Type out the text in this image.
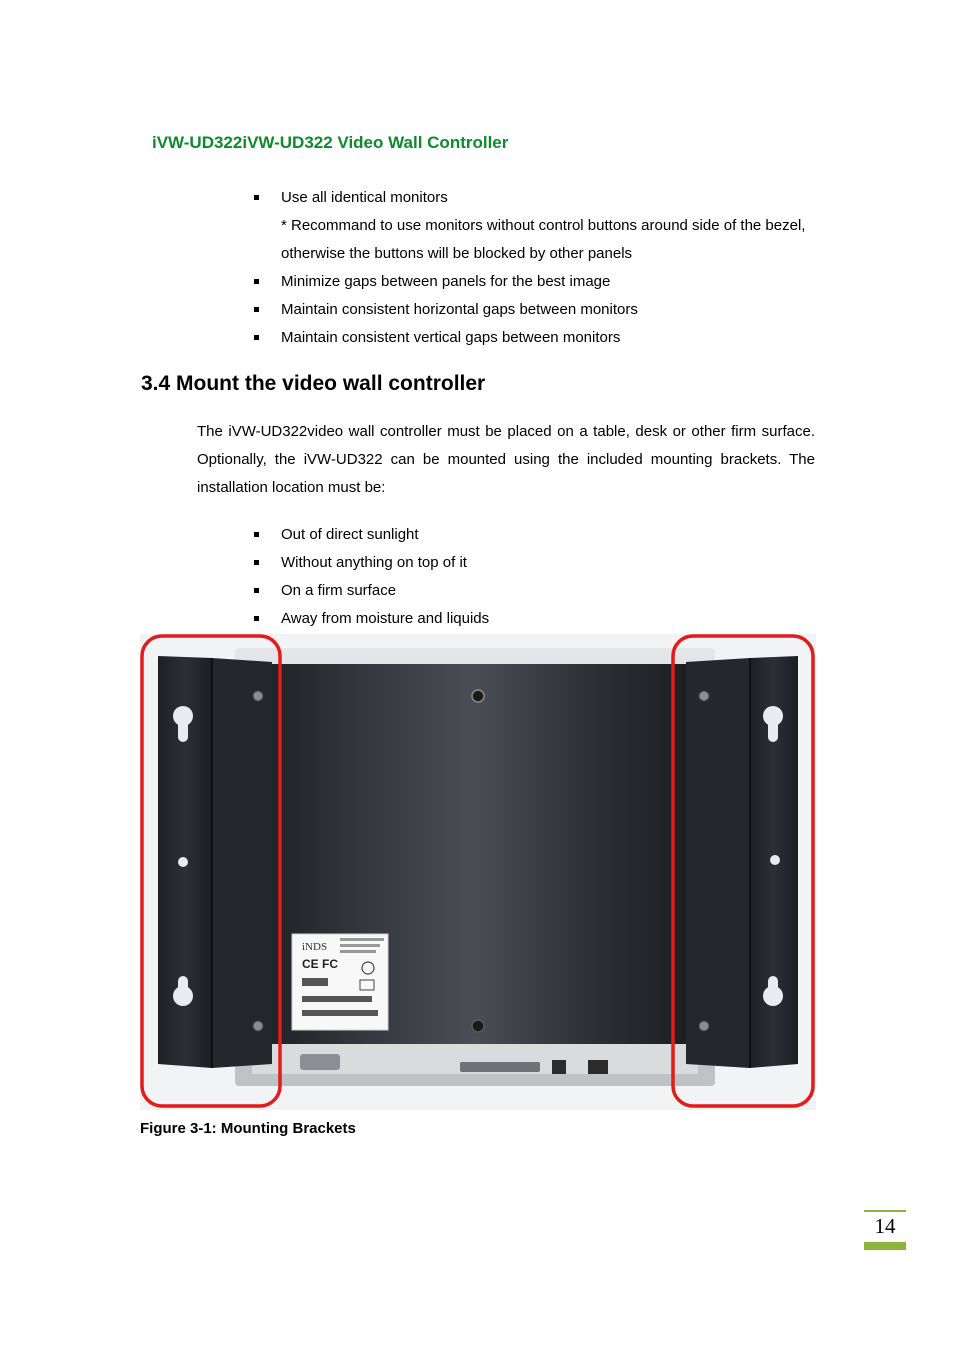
iVW-UD322iVW-UD322 Video Wall Controller
Use all identical monitors
* Recommand to use monitors without control buttons around side of the bezel, otherwise the buttons will be blocked by other panels
Minimize gaps between panels for the best image
Maintain consistent horizontal gaps between monitors
Maintain consistent vertical gaps between monitors
3.4 Mount the video wall controller
The iVW-UD322video wall controller must be placed on a table, desk or other firm surface. Optionally, the iVW-UD322 can be mounted using the included mounting brackets. The installation location must be:
Out of direct sunlight
Without anything on top of it
On a firm surface
Away from moisture and liquids
iNDS
CE FC
Figure 3-1: Mounting Brackets
14
